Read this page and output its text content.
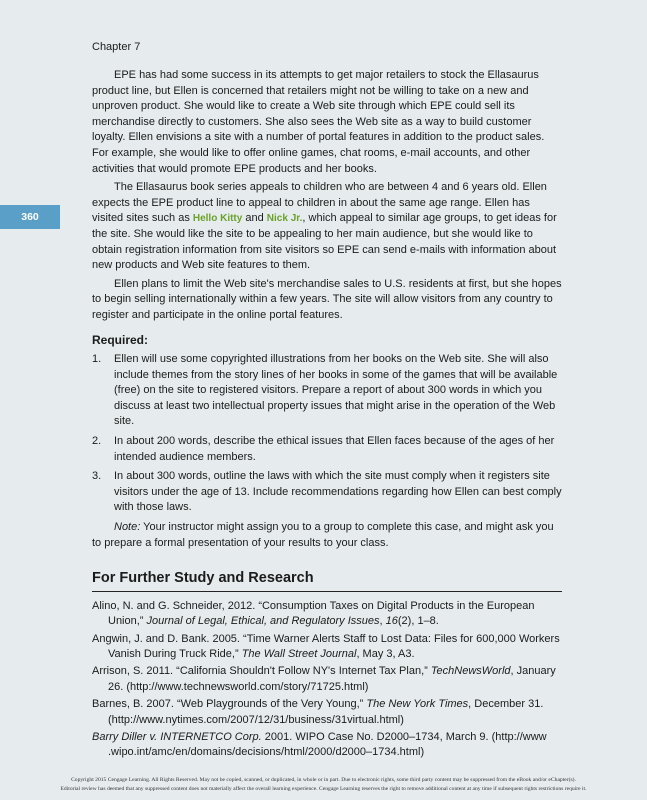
Chapter 7
360

EPE has had some success in its attempts to get major retailers to stock the Ellasaurus product line, but Ellen is concerned that retailers might not be willing to take on a new and unproven product. She would like to create a Web site through which EPE could sell its merchandise directly to customers. She also sees the Web site as a way to build customer loyalty. Ellen envisions a site with a number of portal features in addition to the product sales. For example, she would like to offer online games, chat rooms, e-mail accounts, and other activities that would promote EPE products and her books.

The Ellasaurus book series appeals to children who are between 4 and 6 years old. Ellen expects the EPE product line to appeal to children in about the same age range. Ellen has visited sites such as Hello Kitty and Nick Jr., which appeal to similar age groups, to get ideas for the site. She would like the site to be appealing to her main audience, but she would like to obtain registration information from site visitors so EPE can send e-mails with information about new products and Web site features to them.

Ellen plans to limit the Web site's merchandise sales to U.S. residents at first, but she hopes to begin selling internationally within a few years. The site will allow visitors from any country to register and participate in the online portal features.

Required:
1. Ellen will use some copyrighted illustrations from her books on the Web site. She will also include themes from the story lines of her books in some of the games that will be available (free) on the site to registered visitors. Prepare a report of about 300 words in which you discuss at least two intellectual property issues that might arise in the operation of the Web site.
2. In about 200 words, describe the ethical issues that Ellen faces because of the ages of her intended audience members.
3. In about 300 words, outline the laws with which the site must comply when it registers site visitors under the age of 13. Include recommendations regarding how Ellen can best comply with those laws.

Note: Your instructor might assign you to a group to complete this case, and might ask you to prepare a formal presentation of your results to your class.

For Further Study and Research
Alino, N. and G. Schneider, 2012. “Consumption Taxes on Digital Products in the European Union,” Journal of Legal, Ethical, and Regulatory Issues, 16(2), 1–8.
Angwin, J. and D. Bank. 2005. “Time Warner Alerts Staff to Lost Data: Files for 600,000 Workers Vanish During Truck Ride,” The Wall Street Journal, May 3, A3.
Arrison, S. 2011. “California Shouldn't Follow NY's Internet Tax Plan,” TechNewsWorld, January 26. (http://www.technewsworld.com/story/71725.html)
Barnes, B. 2007. “Web Playgrounds of the Very Young,” The New York Times, December 31. (http://www.nytimes.com/2007/12/31/business/31virtual.html)
Barry Diller v. INTERNETCO Corp. 2001. WIPO Case No. D2000–1734, March 9. (http://www .wipo.int/amc/en/domains/decisions/html/2000/d2000–1734.html)
Copyright 2015 Cengage Learning. All Rights Reserved. May not be copied, scanned, or duplicated, in whole or in part. Due to electronic rights, some third party content may be suppressed from the eBook and/or eChapter(s).
Editorial review has deemed that any suppressed content does not materially affect the overall learning experience. Cengage Learning reserves the right to remove additional content at any time if subsequent rights restrictions require it.
